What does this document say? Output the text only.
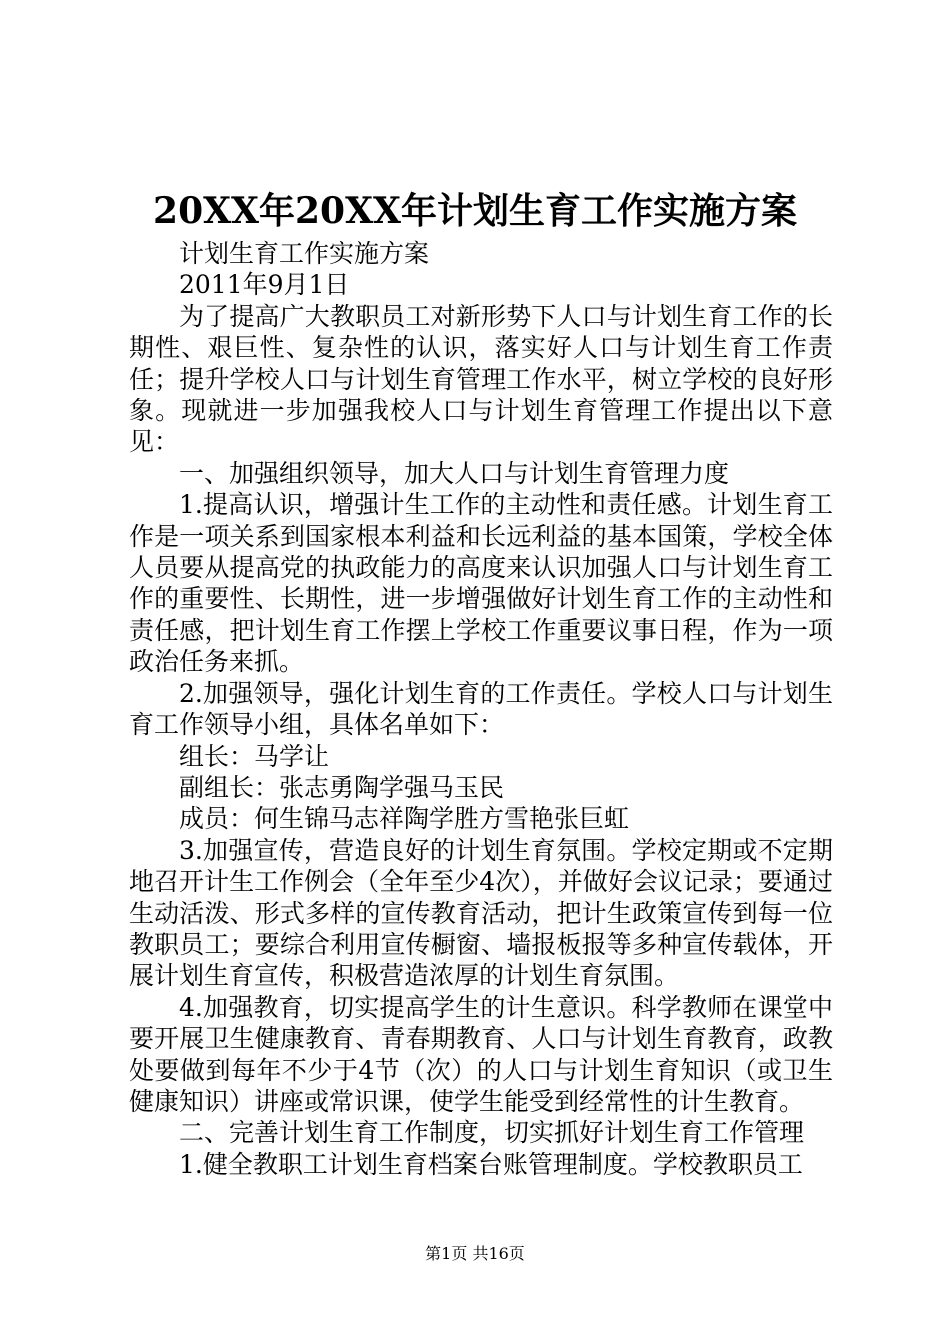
20XX年20XX年计划生育工作实施方案

计划生育工作实施方案

2011年9月1日

为了提高广大教职员工对新形势下人口与计划生育工作的长期性、艰巨性、复杂性的认识，落实好人口与计划生育工作责任；提升学校人口与计划生育管理工作水平，树立学校的良好形象。现就进一步加强我校人口与计划生育管理工作提出以下意见：

一、加强组织领导，加大人口与计划生育管理力度

1.提高认识，增强计生工作的主动性和责任感。计划生育工作是一项关系到国家根本利益和长远利益的基本国策，学校全体人员要从提高党的执政能力的高度来认识加强人口与计划生育工作的重要性、长期性，进一步增强做好计划生育工作的主动性和责任感，把计划生育工作摆上学校工作重要议事日程，作为一项政治任务来抓。

2.加强领导，强化计划生育的工作责任。学校人口与计划生育工作领导小组，具体名单如下：

组长：马学让

副组长：张志勇陶学强马玉民

成员：何生锦马志祥陶学胜方雪艳张巨虹

3.加强宣传，营造良好的计划生育氛围。学校定期或不定期地召开计生工作例会（全年至少4次），并做好会议记录；要通过生动活泼、形式多样的宣传教育活动，把计生政策宣传到每一位教职员工；要综合利用宣传橱窗、墙报板报等多种宣传载体，开展计划生育宣传，积极营造浓厚的计划生育氛围。

4.加强教育，切实提高学生的计生意识。科学教师在课堂中要开展卫生健康教育、青春期教育、人口与计划生育教育，政教处要做到每年不少于4节（次）的人口与计划生育知识（或卫生健康知识）讲座或常识课，使学生能受到经常性的计生教育。

二、完善计划生育工作制度，切实抓好计划生育工作管理

1.健全教职工计划生育档案台账管理制度。学校教职员工

第1页 共16页
